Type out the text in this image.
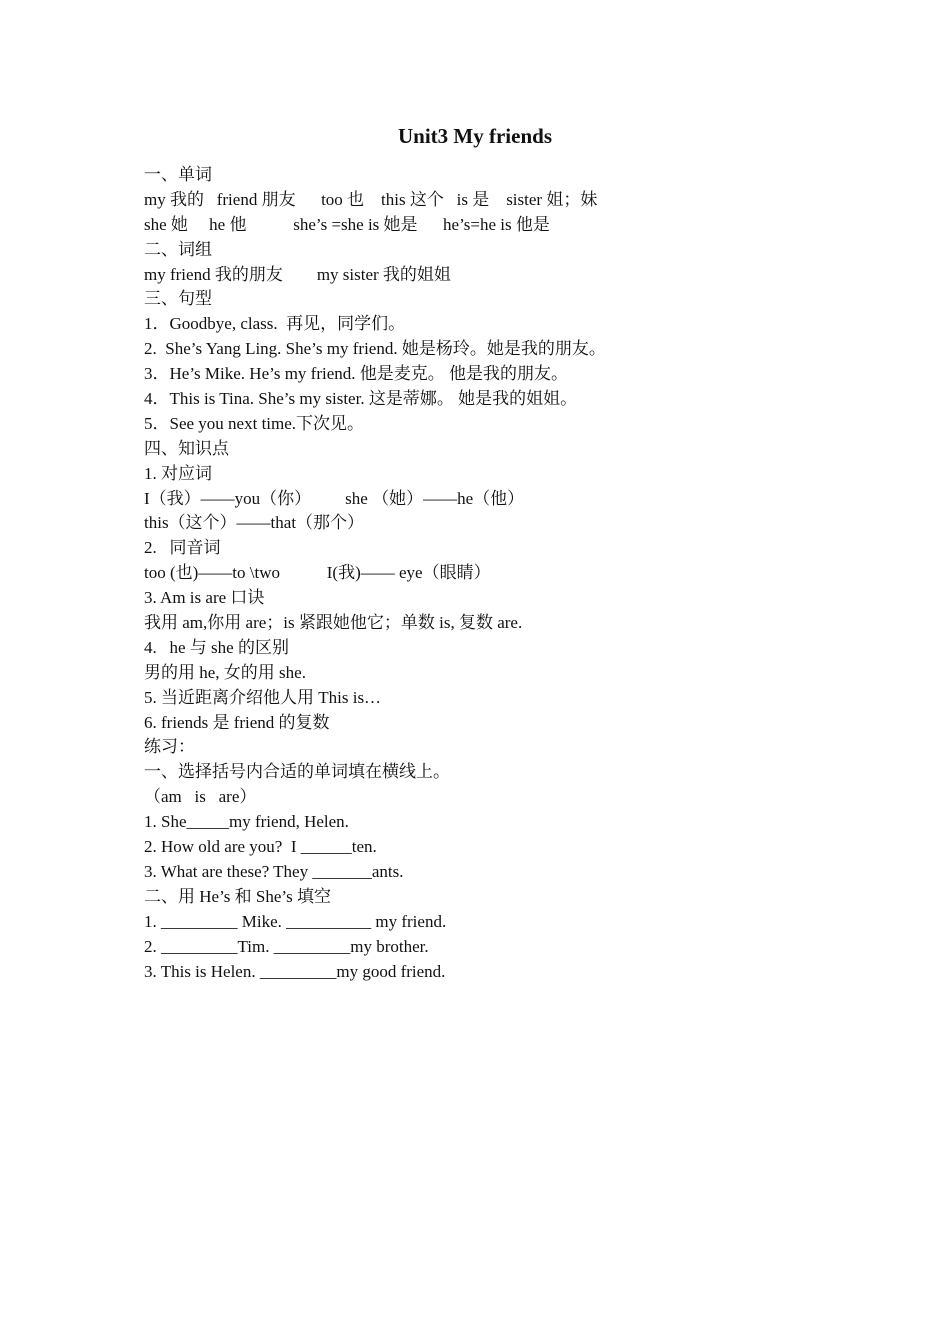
Unit3 My friends
一、单词
my 我的   friend 朋友      too 也    this 这个   is 是    sister 姐；妹
she 她     he 他           she’s =she is 她是      he’s=he is 他是
二、词组
my friend 我的朋友        my sister 我的姐姐
三、句型
1．Goodbye, class.  再见，同学们。
2.  She’s Yang Ling. She’s my friend. 她是杨玲。她是我的朋友。
3．He’s Mike. He’s my friend. 他是麦克。 他是我的朋友。
4．This is Tina. She’s my sister. 这是蒂娜。 她是我的姐姐。
5．See you next time.下次见。
四、知识点
1. 对应词
I（我）——you（你）        she （她）——he（他）
this（这个）——that（那个）
2.   同音词
too (也)——to \two           I(我)—— eye（眼睛）
3. Am is are 口诀
我用 am,你用 are；is 紧跟她他它；单数 is, 复数 are.
4.   he 与 she 的区别
男的用 he, 女的用 she.
5. 当近距离介绍他人用 This is…
6. friends 是 friend 的复数
练习：
一、选择括号内合适的单词填在横线上。
（am   is   are）
1. She_____my friend, Helen.
2. How old are you?  I ______ten.
3. What are these? They _______ants.
二、用 He’s 和 She’s 填空
1. _________ Mike. __________ my friend.
2. _________Tim. _________my brother.
3. This is Helen. _________my good friend.
